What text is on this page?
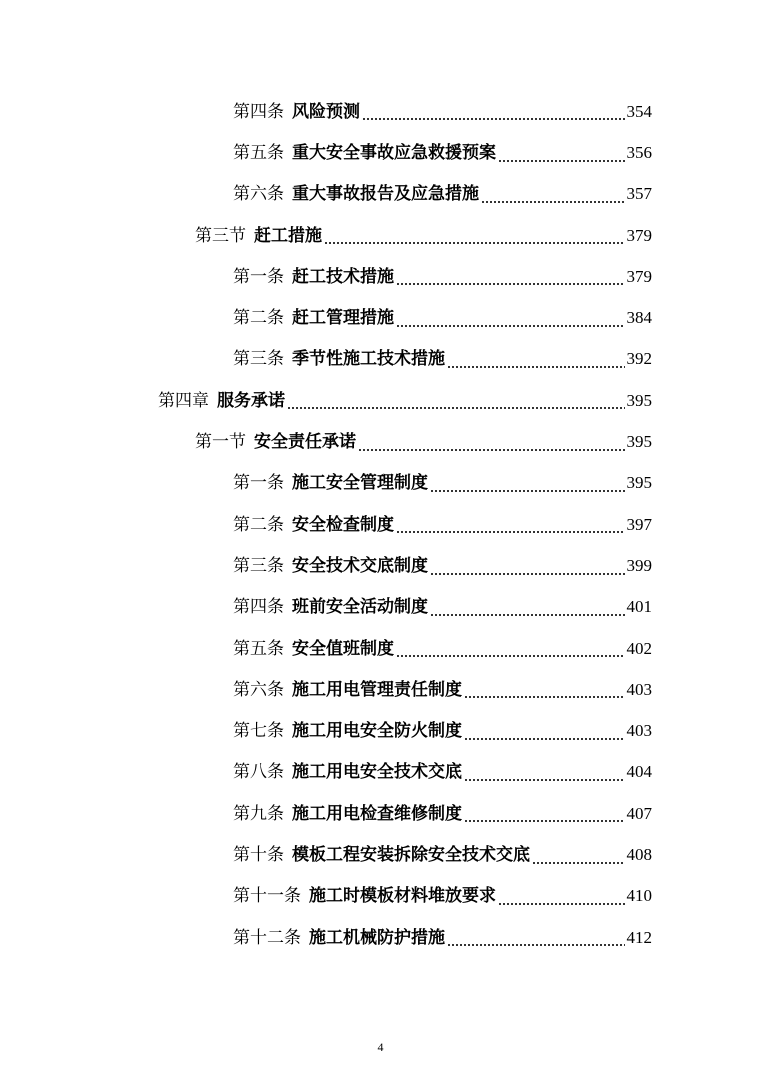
第四条 风险预测	354
第五条 重大安全事故应急救援预案	356
第六条 重大事故报告及应急措施	357
第三节 赶工措施	379
第一条 赶工技术措施	379
第二条 赶工管理措施	384
第三条 季节性施工技术措施	392
第四章 服务承诺	395
第一节 安全责任承诺	395
第一条 施工安全管理制度	395
第二条 安全检查制度	397
第三条 安全技术交底制度	399
第四条 班前安全活动制度	401
第五条 安全值班制度	402
第六条 施工用电管理责任制度	403
第七条 施工用电安全防火制度	403
第八条 施工用电安全技术交底	404
第九条 施工用电检查维修制度	407
第十条 模板工程安装拆除安全技术交底	408
第十一条 施工时模板材料堆放要求	410
第十二条 施工机械防护措施	412
4
